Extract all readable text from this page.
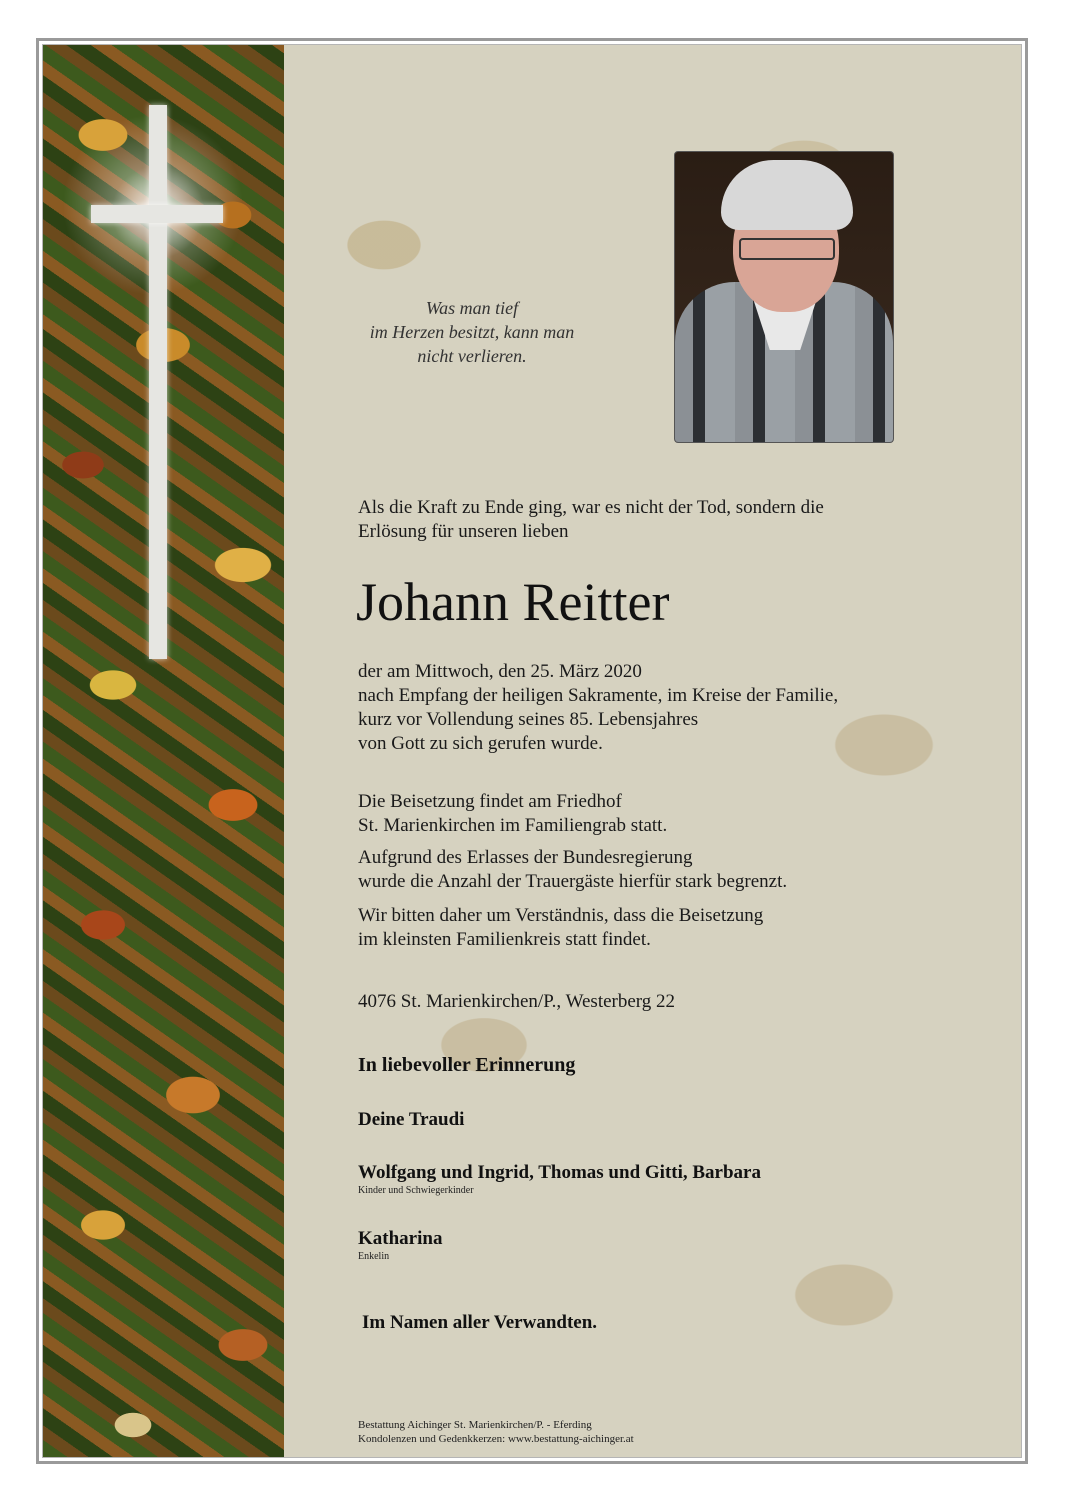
Was man tief
im Herzen besitzt, kann man
nicht verlieren.
Als die Kraft zu Ende ging, war es nicht der Tod, sondern die
Erlösung für unseren lieben
Johann Reitter
der am Mittwoch, den 25. März 2020
nach Empfang der heiligen Sakramente, im Kreise der Familie,
kurz vor Vollendung seines 85. Lebensjahres
von Gott zu sich gerufen wurde.
Die Beisetzung findet am Friedhof
St. Marienkirchen im Familiengrab statt.
Aufgrund des Erlasses der Bundesregierung
wurde die Anzahl der Trauergäste hierfür stark begrenzt.
Wir bitten daher um Verständnis, dass die Beisetzung
im kleinsten Familienkreis statt findet.
4076 St. Marienkirchen/P., Westerberg 22
In liebevoller Erinnerung
Deine Traudi
Wolfgang und Ingrid, Thomas und Gitti, Barbara
Kinder und Schwiegerkinder
Katharina
Enkelin
Im Namen aller Verwandten.
Bestattung Aichinger St. Marienkirchen/P. - Eferding
Kondolenzen und Gedenkkerzen: www.bestattung-aichinger.at
